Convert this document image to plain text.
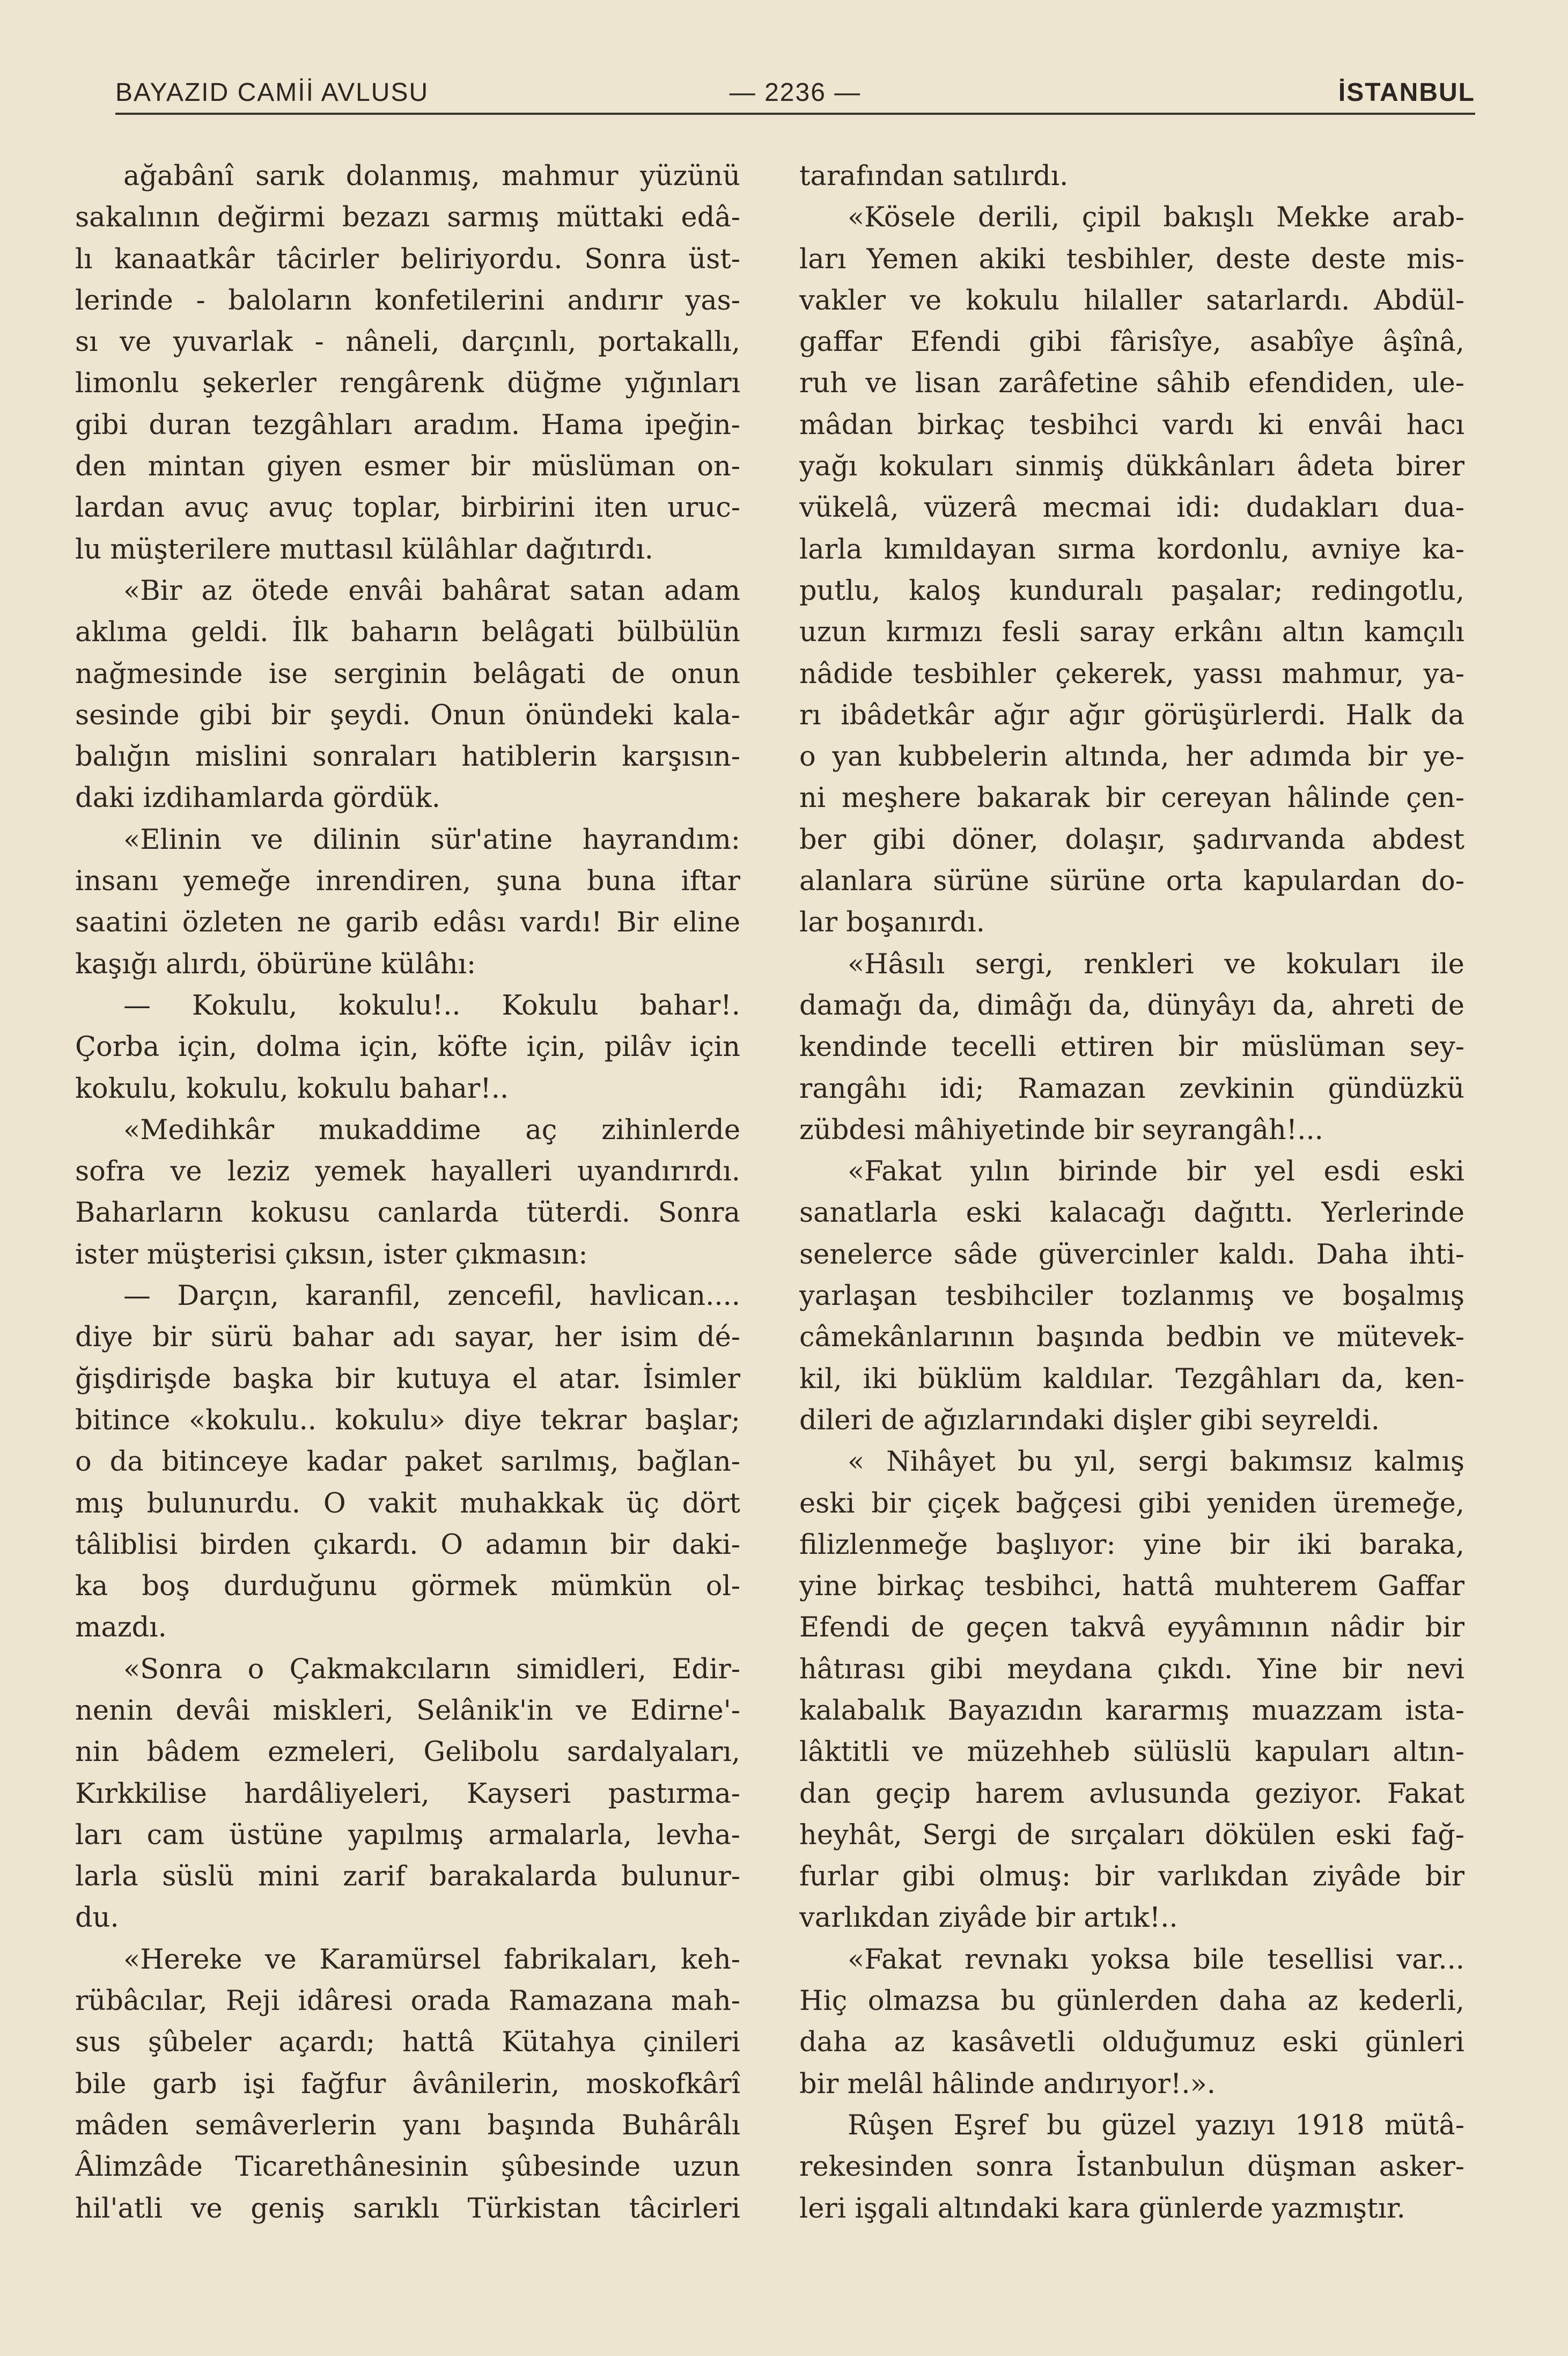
BAYAZID CAMİİ AVLUSU	— 2236 —	İSTANBUL
ağabânî sarık dolanmış, mahmur yüzünü
sakalının değirmi bezazı sarmış müttaki edâ-
lı kanaatkâr tâcirler beliriyordu. Sonra üst-
lerinde - baloların konfetilerini andırır yas-
sı ve yuvarlak - nâneli, darçınlı, portakallı,
limonlu şekerler rengârenk düğme yığınları
gibi duran tezgâhları aradım. Hama ipeğin-
den mintan giyen esmer bir müslüman on-
lardan avuç avuç toplar, birbirini iten uruc-
lu müşterilere muttasıl külâhlar dağıtırdı.
«Bir az ötede envâi bahârat satan adam
aklıma geldi. İlk baharın belâgati bülbülün
nağmesinde ise serginin belâgati de onun
sesinde gibi bir şeydi. Onun önündeki kala-
balığın mislini sonraları hatiblerin karşısın-
daki izdihamlarda gördük.
«Elinin ve dilinin sür'atine hayrandım:
insanı yemeğe inrendiren, şuna buna iftar
saatini özleten ne garib edâsı vardı! Bir eline
kaşığı alırdı, öbürüne külâhı:
— Kokulu, kokulu!.. Kokulu bahar!.
Çorba için, dolma için, köfte için, pilâv için
kokulu, kokulu, kokulu bahar!..
«Medihkâr mukaddime aç zihinlerde
sofra ve leziz yemek hayalleri uyandırırdı.
Baharların kokusu canlarda tüterdi. Sonra
ister müşterisi çıksın, ister çıkmasın:
— Darçın, karanfil, zencefil, havlican....
diye bir sürü bahar adı sayar, her isim dé-
ğişdirişde başka bir kutuya el atar. İsimler
bitince «kokulu.. kokulu» diye tekrar başlar;
o da bitinceye kadar paket sarılmış, bağlan-
mış bulunurdu. O vakit muhakkak üç dört
tâliblisi birden çıkardı. O adamın bir daki-
ka boş durduğunu görmek mümkün ol-
mazdı.
«Sonra o Çakmakcıların simidleri, Edir-
nenin devâi miskleri, Selânik'in ve Edirne'-
nin bâdem ezmeleri, Gelibolu sardalyaları,
Kırkkilise hardâliyeleri, Kayseri pastırma-
ları cam üstüne yapılmış armalarla, levha-
larla süslü mini zarif barakalarda bulunur-
du.
«Hereke ve Karamürsel fabrikaları, keh-
rübâcılar, Reji idâresi orada Ramazana mah-
sus şûbeler açardı; hattâ Kütahya çinileri
bile garb işi fağfur âvânilerin, moskofkârî
mâden semâverlerin yanı başında Buhârâlı
Âlimzâde Ticarethânesinin şûbesinde uzun
hil'atli ve geniş sarıklı Türkistan tâcirleri
tarafından satılırdı.
«Kösele derili, çipil bakışlı Mekke arab-
ları Yemen akiki tesbihler, deste deste mis-
vakler ve kokulu hilaller satarlardı. Abdül-
gaffar Efendi gibi fârisîye, asabîye âşînâ,
ruh ve lisan zarâfetine sâhib efendiden, ule-
mâdan birkaç tesbihci vardı ki envâi hacı
yağı kokuları sinmiş dükkânları âdeta birer
vükelâ, vüzerâ mecmai idi: dudakları dua-
larla kımıldayan sırma kordonlu, avniye ka-
putlu, kaloş kunduralı paşalar; redingotlu,
uzun kırmızı fesli saray erkânı altın kamçılı
nâdide tesbihler çekerek, yassı mahmur, ya-
rı ibâdetkâr ağır ağır görüşürlerdi. Halk da
o yan kubbelerin altında, her adımda bir ye-
ni meşhere bakarak bir cereyan hâlinde çen-
ber gibi döner, dolaşır, şadırvanda abdest
alanlara sürüne sürüne orta kapulardan do-
lar boşanırdı.
«Hâsılı sergi, renkleri ve kokuları ile
damağı da, dimâğı da, dünyâyı da, ahreti de
kendinde tecelli ettiren bir müslüman sey-
rangâhı idi; Ramazan zevkinin gündüzkü
zübdesi mâhiyetinde bir seyrangâh!...
«Fakat yılın birinde bir yel esdi eski
sanatlarla eski kalacağı dağıttı. Yerlerinde
senelerce sâde güvercinler kaldı. Daha ihti-
yarlaşan tesbihciler tozlanmış ve boşalmış
câmekânlarının başında bedbin ve mütevek-
kil, iki büklüm kaldılar. Tezgâhları da, ken-
dileri de ağızlarındaki dişler gibi seyreldi.
« Nihâyet bu yıl, sergi bakımsız kalmış
eski bir çiçek bağçesi gibi yeniden üremeğe,
filizlenmeğe başlıyor: yine bir iki baraka,
yine birkaç tesbihci, hattâ muhterem Gaffar
Efendi de geçen takvâ eyyâmının nâdir bir
hâtırası gibi meydana çıkdı. Yine bir nevi
kalabalık Bayazıdın kararmış muazzam ista-
lâktitli ve müzehheb sülüslü kapuları altın-
dan geçip harem avlusunda geziyor. Fakat
heyhât, Sergi de sırçaları dökülen eski fağ-
furlar gibi olmuş: bir varlıkdan ziyâde bir
varlıkdan ziyâde bir artık!..
«Fakat revnakı yoksa bile tesellisi var...
Hiç olmazsa bu günlerden daha az kederli,
daha az kasâvetli olduğumuz eski günleri
bir melâl hâlinde andırıyor!.».
Rûşen Eşref bu güzel yazıyı 1918 mütâ-
rekesinden sonra İstanbulun düşman asker-
leri işgali altındaki kara günlerde yazmıştır.
